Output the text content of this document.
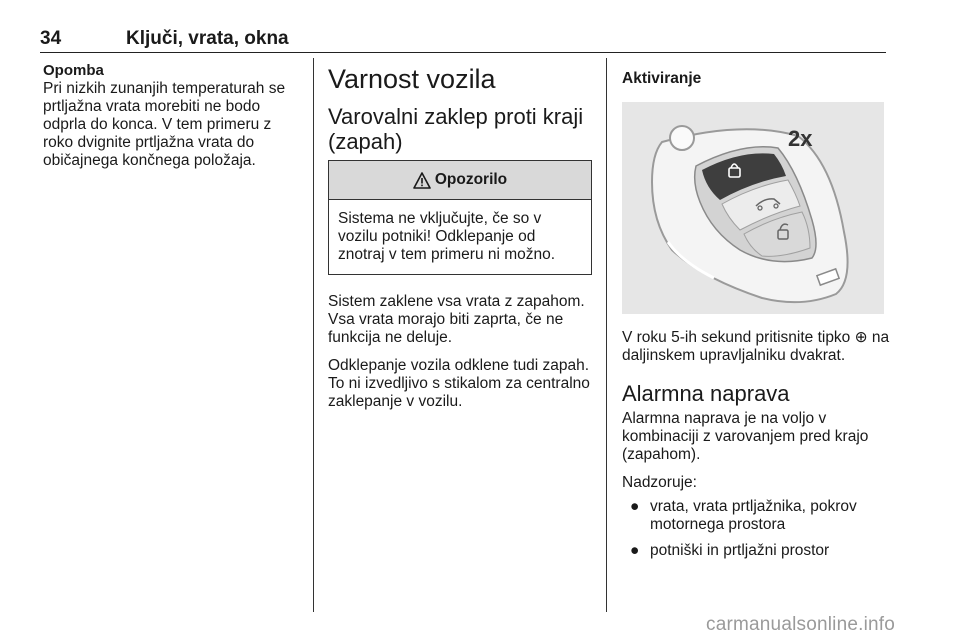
34	Ključi, vrata, okna
Opomba
Pri nizkih zunanjih temperaturah se prtljažna vrata morebiti ne bodo odprla do konca. V tem primeru z roko dvignite prtljažna vrata do običajnega končnega položaja.
Varnost vozila
Varovalni zaklep proti kraji (zapah)
Opozorilo
Sistema ne vključujte, če so v vozilu potniki! Odklepanje od znotraj v tem primeru ni možno.

Sistem zaklene vsa vrata z zapahom. Vsa vrata morajo biti zaprta, če ne funkcija ne deluje.

Odklepanje vozila odklene tudi zapah. To ni izvedljivo s stikalom za centralno zaklepanje v vozilu.

Aktiviranje
2x

V roku 5-ih sekund pritisnite tipko ⊕ na daljinskem upravljalniku dvakrat.

Alarmna naprava

Alarmna naprava je na voljo v kombinaciji z varovanjem pred krajo (zapahom).

Nadzoruje:

● vrata, vrata prtljažnika, pokrov motornega prostora
● potniški in prtljažni prostor
carmanualsonline.info
